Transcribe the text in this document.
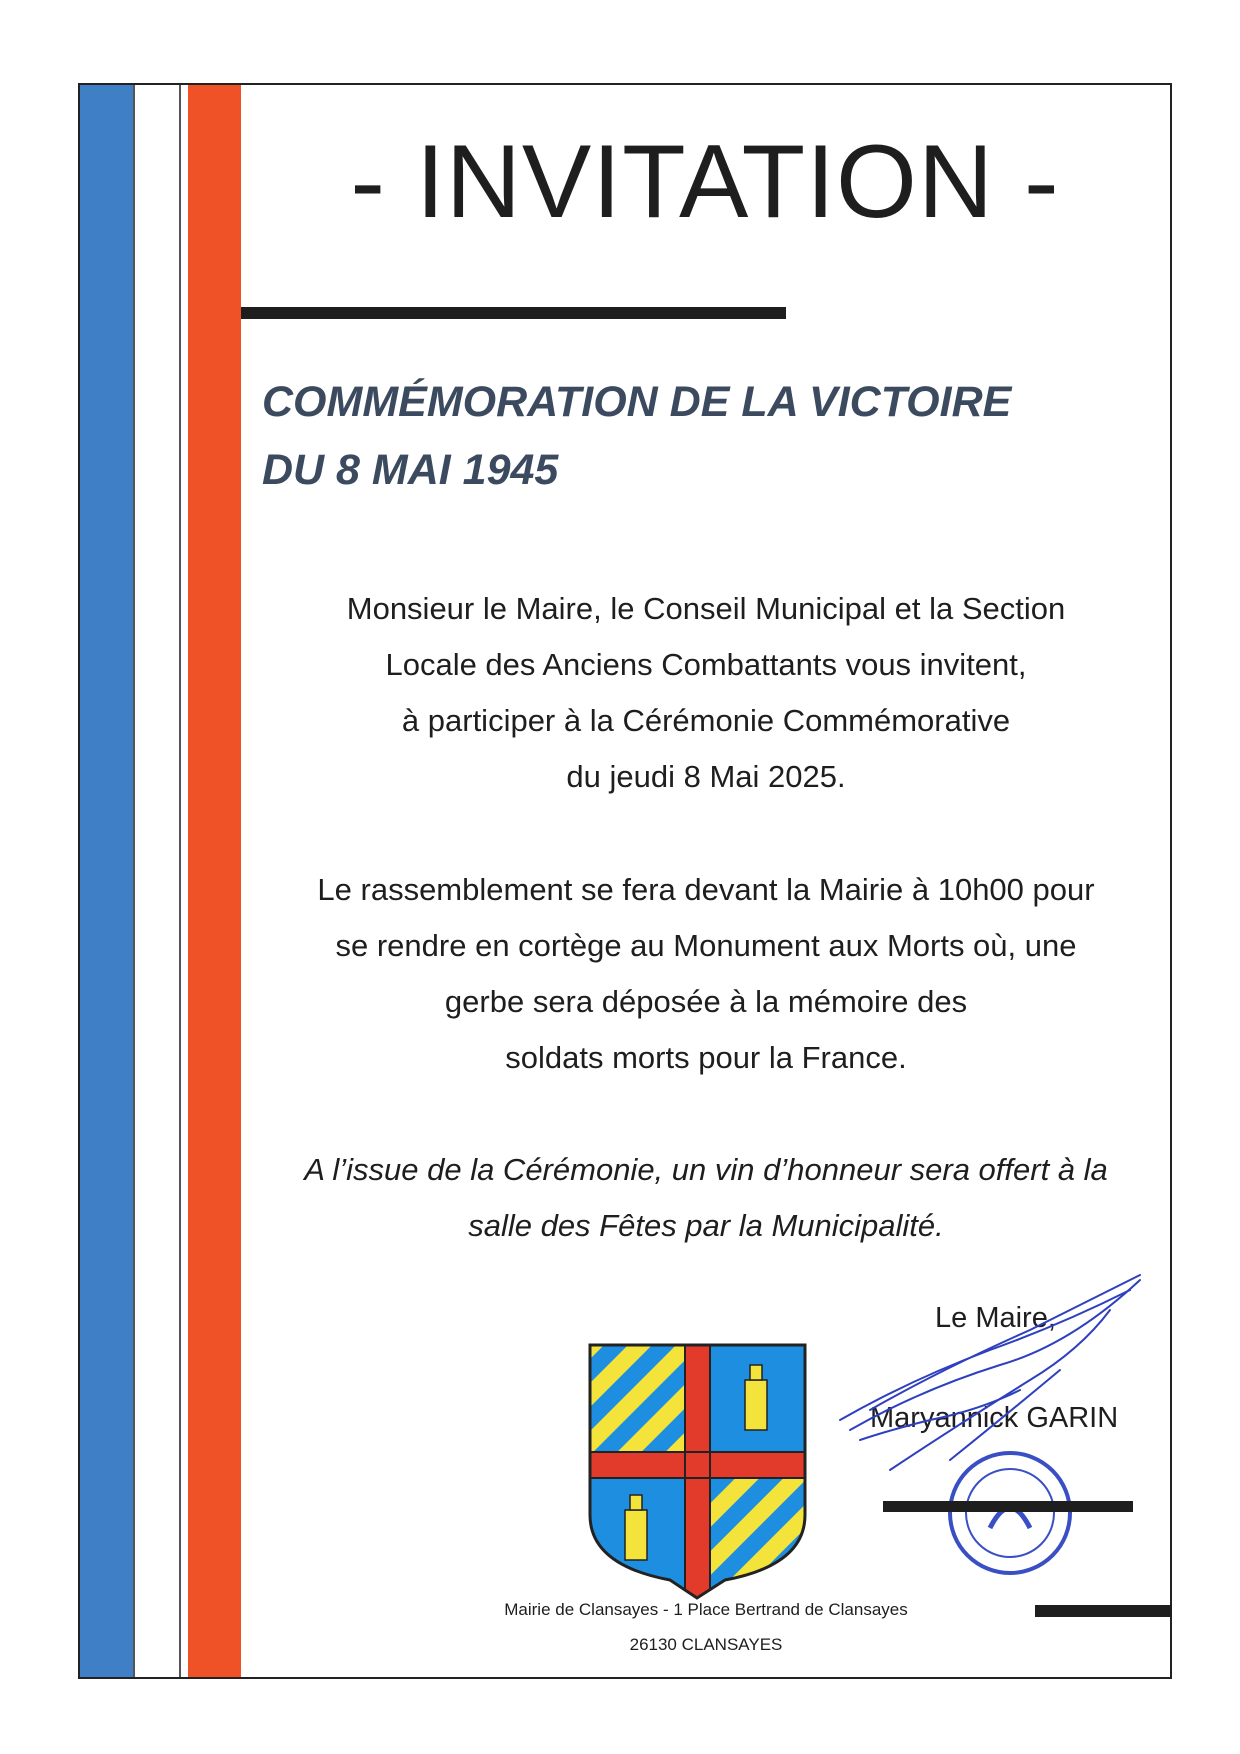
- INVITATION -
COMMÉMORATION DE LA VICTOIRE
DU 8 MAI 1945
Monsieur le Maire, le Conseil Municipal et la Section
Locale des Anciens Combattants vous invitent,
à participer à la Cérémonie Commémorative
du jeudi 8 Mai 2025.
Le rassemblement se fera devant la Mairie à 10h00 pour
se rendre en cortège au Monument aux Morts où, une
gerbe sera déposée à la mémoire des
soldats morts pour la France.
A l’issue de la Cérémonie, un vin d’honneur sera offert à la
salle des Fêtes par la Municipalité.
Le Maire,
Maryannick GARIN
Mairie de Clansayes - 1 Place Bertrand de Clansayes
26130 CLANSAYES
